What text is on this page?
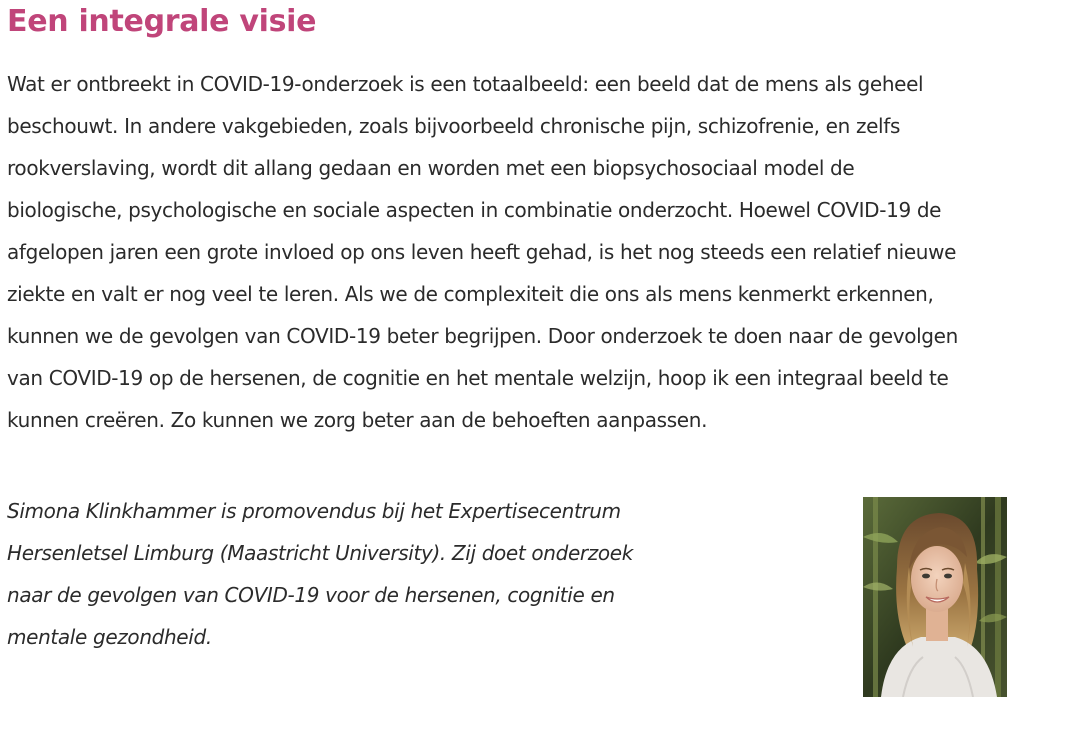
Een integrale visie
Wat er ontbreekt in COVID-19-onderzoek is een totaalbeeld: een beeld dat de mens als geheel
beschouwt. In andere vakgebieden, zoals bijvoorbeeld chronische pijn, schizofrenie, en zelfs
rookverslaving, wordt dit allang gedaan en worden met een biopsychosociaal model de
biologische, psychologische en sociale aspecten in combinatie onderzocht. Hoewel COVID-19 de
afgelopen jaren een grote invloed op ons leven heeft gehad, is het nog steeds een relatief nieuwe
ziekte en valt er nog veel te leren. Als we de complexiteit die ons als mens kenmerkt erkennen,
kunnen we de gevolgen van COVID-19 beter begrijpen. Door onderzoek te doen naar de gevolgen
van COVID-19 op de hersenen, de cognitie en het mentale welzijn, hoop ik een integraal beeld te
kunnen creëren. Zo kunnen we zorg beter aan de behoeften aanpassen.
Simona Klinkhammer is promovendus bij het Expertisecentrum
Hersenletsel Limburg (Maastricht University). Zij doet onderzoek
naar de gevolgen van COVID-19 voor de hersenen, cognitie en
mentale gezondheid.
